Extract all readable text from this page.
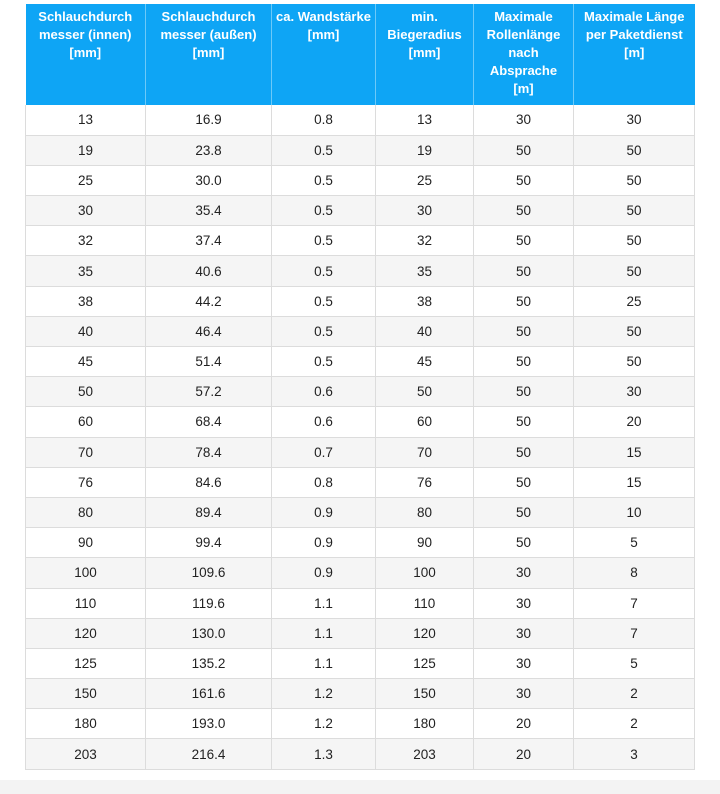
Schlauchdurch messer (innen) [mm]	Schlauchdurch messer (außen) [mm]	ca. Wandstärke [mm]	min. Biegeradius [mm]	Maximale Rollenlänge nach Absprache [m]	Maximale Länge per Paketdienst [m]
13	16.9	0.8	13	30	30
19	23.8	0.5	19	50	50
25	30.0	0.5	25	50	50
30	35.4	0.5	30	50	50
32	37.4	0.5	32	50	50
35	40.6	0.5	35	50	50
38	44.2	0.5	38	50	25
40	46.4	0.5	40	50	50
45	51.4	0.5	45	50	50
50	57.2	0.6	50	50	30
60	68.4	0.6	60	50	20
70	78.4	0.7	70	50	15
76	84.6	0.8	76	50	15
80	89.4	0.9	80	50	10
90	99.4	0.9	90	50	5
100	109.6	0.9	100	30	8
110	119.6	1.1	110	30	7
120	130.0	1.1	120	30	7
125	135.2	1.1	125	30	5
150	161.6	1.2	150	30	2
180	193.0	1.2	180	20	2
203	216.4	1.3	203	20	3
